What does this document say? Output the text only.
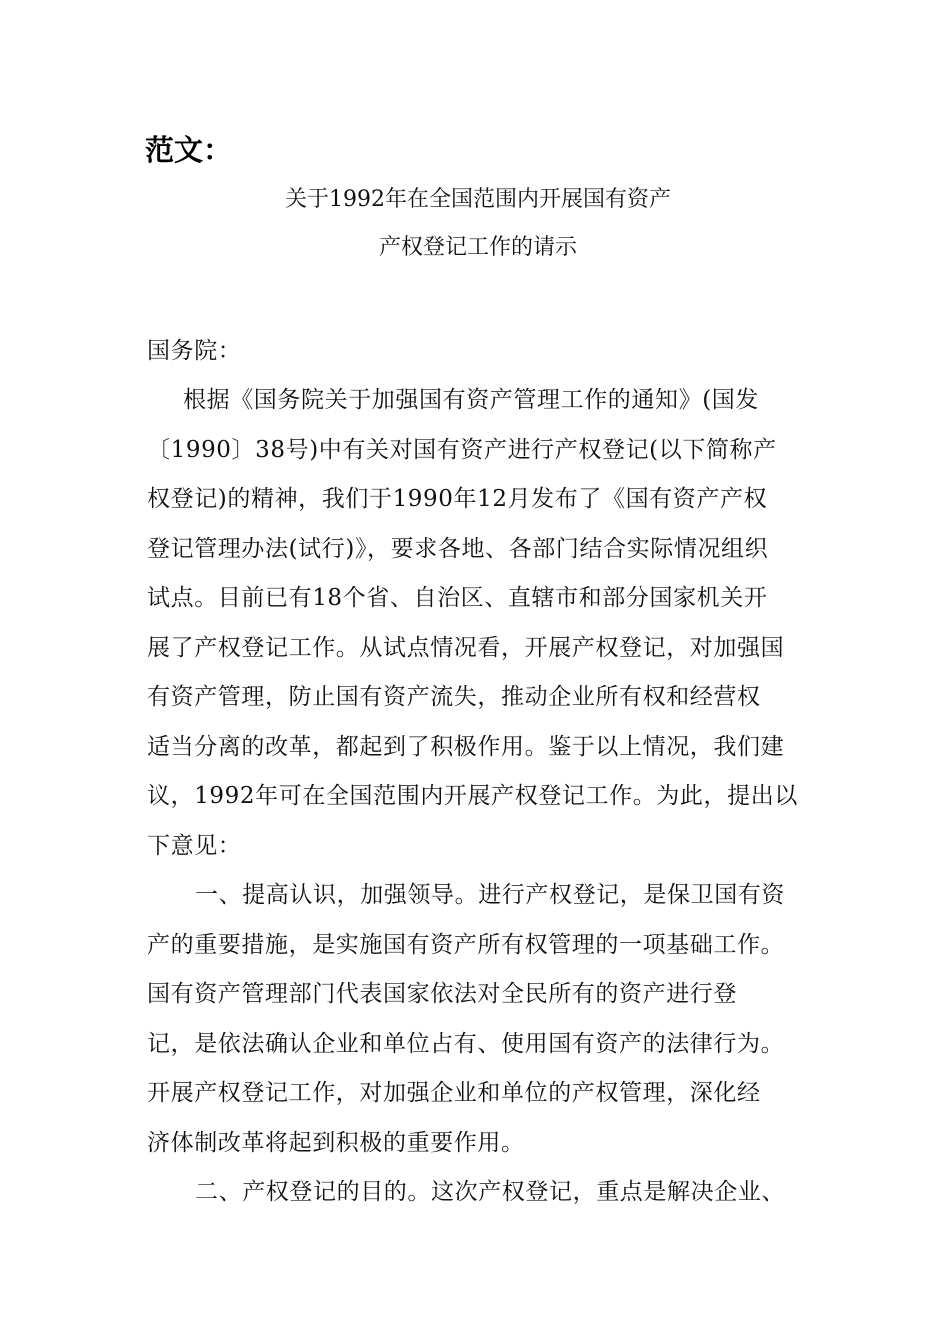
范文：
关于1992年在全国范围内开展国有资产
产权登记工作的请示
国务院：
根据《国务院关于加强国有资产管理工作的通知》(国发
〔1990〕38号)中有关对国有资产进行产权登记(以下简称产
权登记)的精神，我们于1990年12月发布了《国有资产产权
登记管理办法(试行)》，要求各地、各部门结合实际情况组织
试点。目前已有18个省、自治区、直辖市和部分国家机关开
展了产权登记工作。从试点情况看，开展产权登记，对加强国
有资产管理，防止国有资产流失，推动企业所有权和经营权
适当分离的改革，都起到了积极作用。鉴于以上情况，我们建
议，1992年可在全国范围内开展产权登记工作。为此，提出以
下意见：
一、提高认识，加强领导。进行产权登记，是保卫国有资
产的重要措施，是实施国有资产所有权管理的一项基础工作。
国有资产管理部门代表国家依法对全民所有的资产进行登
记，是依法确认企业和单位占有、使用国有资产的法律行为。
开展产权登记工作，对加强企业和单位的产权管理，深化经
济体制改革将起到积极的重要作用。
二、产权登记的目的。这次产权登记，重点是解决企业、
